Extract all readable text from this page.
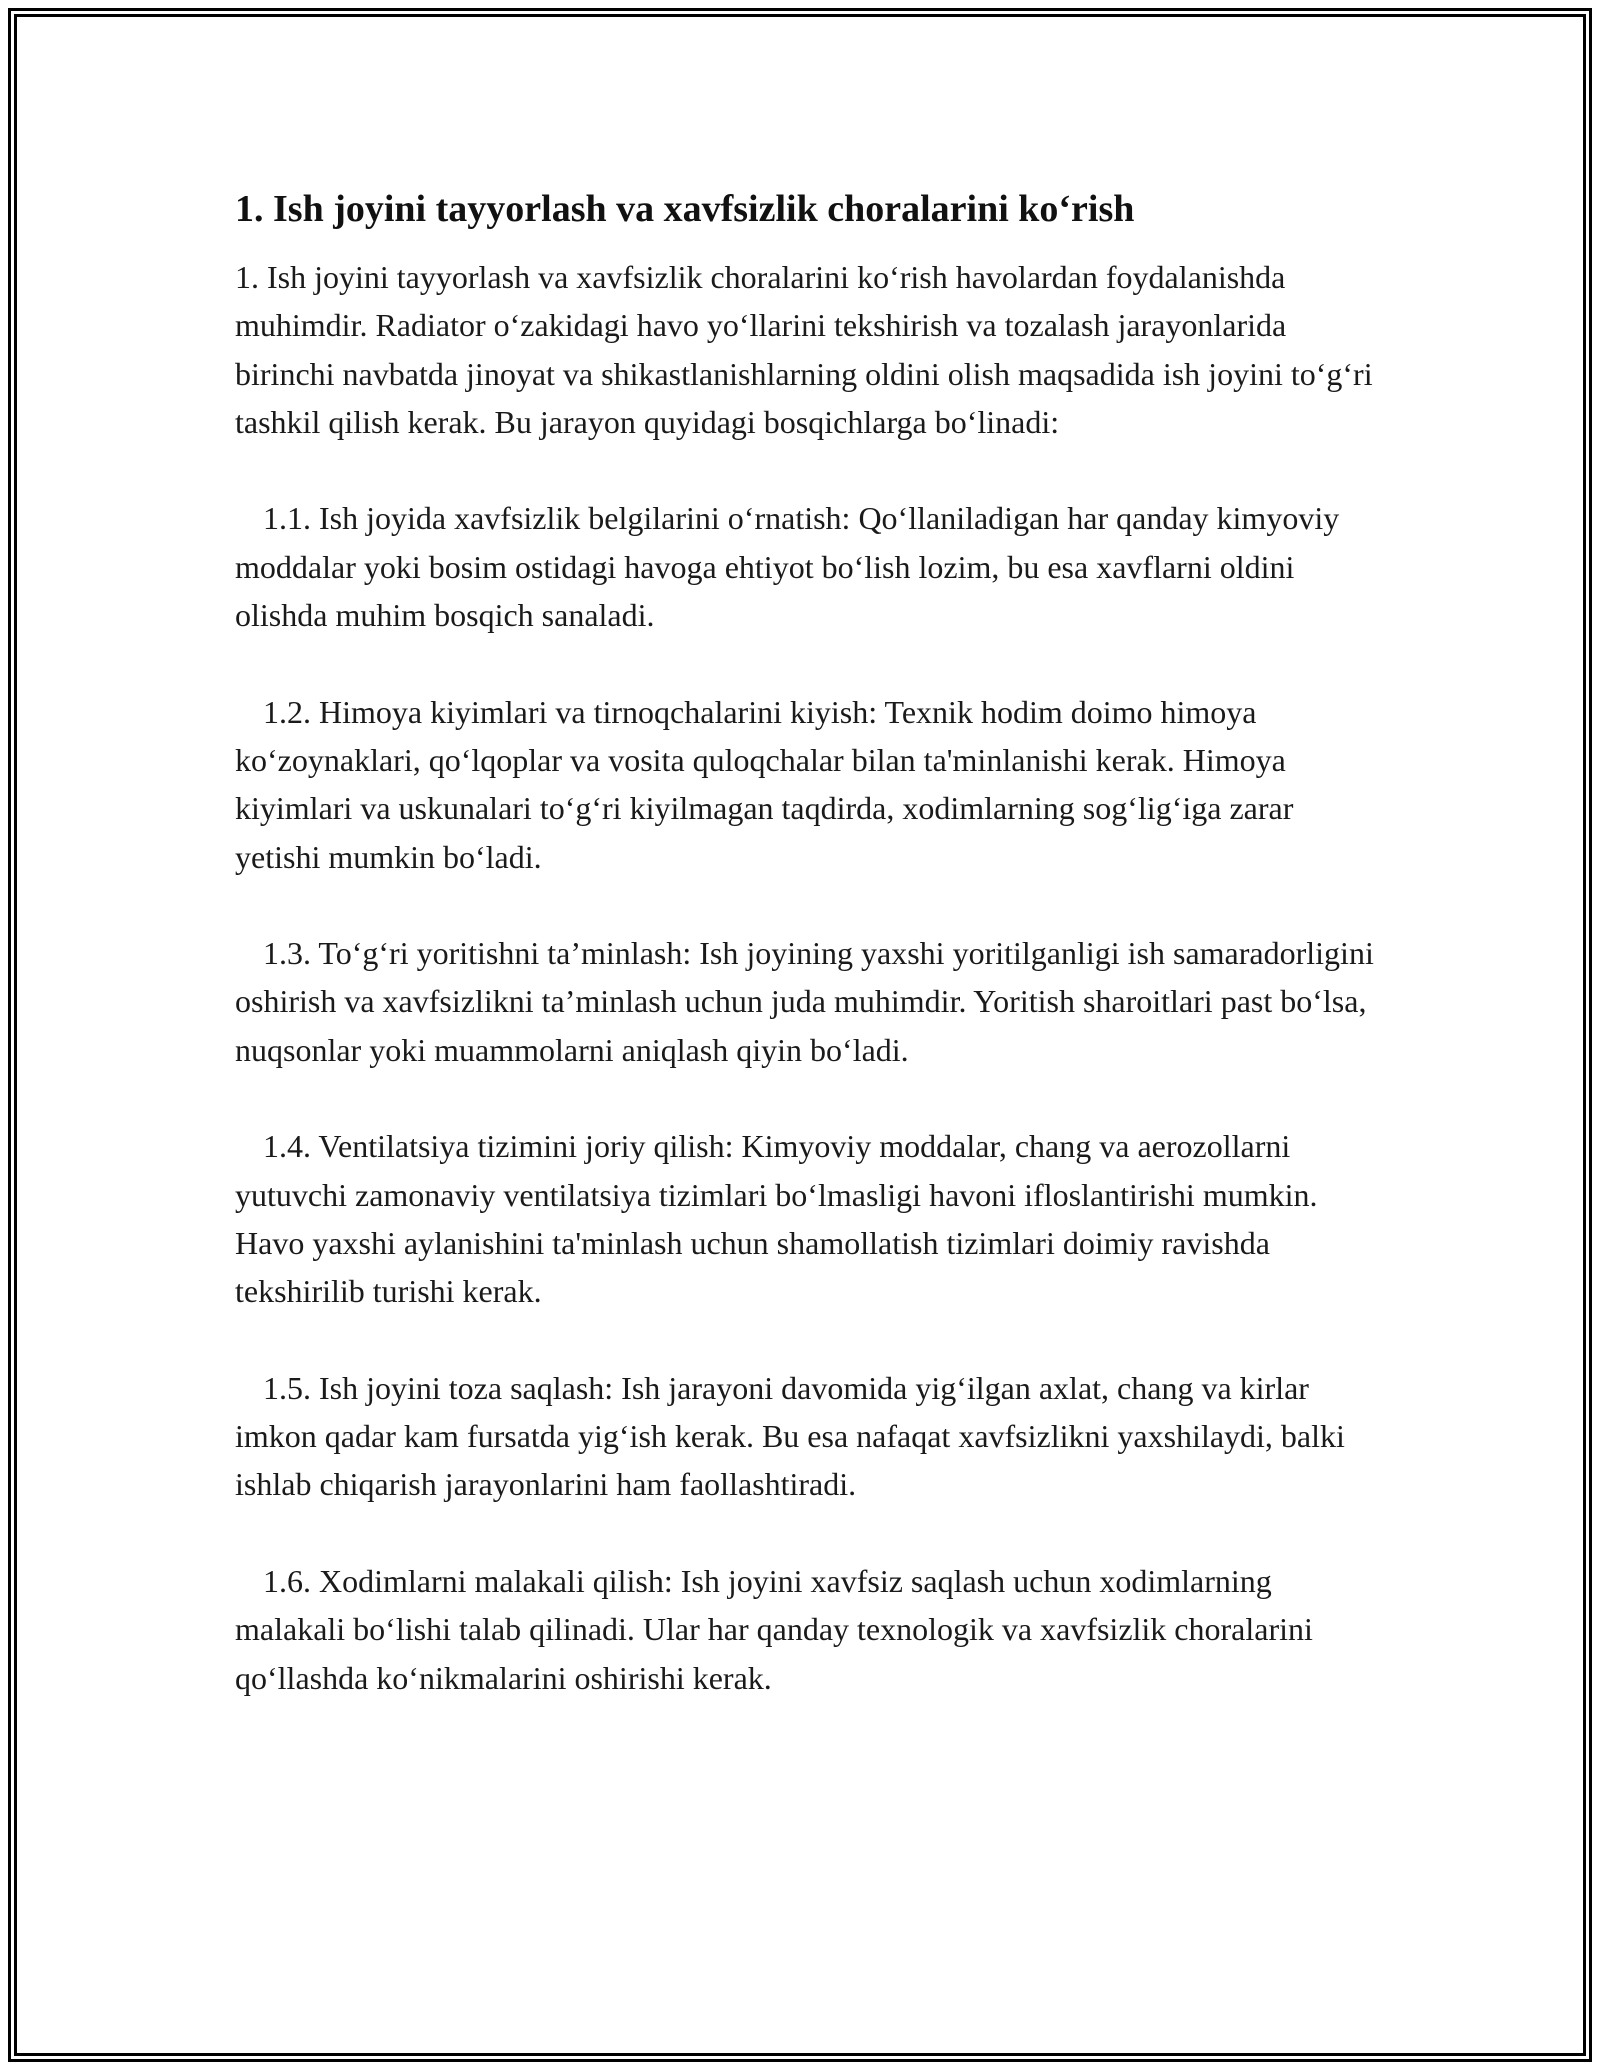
1. Ish joyini tayyorlash va xavfsizlik choralarini ko‘rish

1. Ish joyini tayyorlash va xavfsizlik choralarini ko‘rish havolardan foydalanishda muhimdir. Radiator o‘zakidagi havo yo‘llarini tekshirish va tozalash jarayonlarida birinchi navbatda jinoyat va shikastlanishlarning oldini olish maqsadida ish joyini to‘g‘ri tashkil qilish kerak. Bu jarayon quyidagi bosqichlarga bo‘linadi:

1.1. Ish joyida xavfsizlik belgilarini o‘rnatish: Qo‘llaniladigan har qanday kimyoviy moddalar yoki bosim ostidagi havoga ehtiyot bo‘lish lozim, bu esa xavflarni oldini olishda muhim bosqich sanaladi.

1.2. Himoya kiyimlari va tirnoqchalarini kiyish: Texnik hodim doimo himoya ko‘zoynaklari, qo‘lqoplar va vosita quloqchalar bilan ta'minlanishi kerak. Himoya kiyimlari va uskunalari to‘g‘ri kiyilmagan taqdirda, xodimlarning sog‘lig‘iga zarar yetishi mumkin bo‘ladi.

1.3. To‘g‘ri yoritishni ta’minlash: Ish joyining yaxshi yoritilganligi ish samaradorligini oshirish va xavfsizlikni ta’minlash uchun juda muhimdir. Yoritish sharoitlari past bo‘lsa, nuqsonlar yoki muammolarni aniqlash qiyin bo‘ladi.

1.4. Ventilatsiya tizimini joriy qilish: Kimyoviy moddalar, chang va aerozollarni yutuvchi zamonaviy ventilatsiya tizimlari bo‘lmasligi havoni ifloslantirishi mumkin. Havo yaxshi aylanishini ta'minlash uchun shamollatish tizimlari doimiy ravishda tekshirilib turishi kerak.

1.5. Ish joyini toza saqlash: Ish jarayoni davomida yig‘ilgan axlat, chang va kirlar imkon qadar kam fursatda yig‘ish kerak. Bu esa nafaqat xavfsizlikni yaxshilaydi, balki ishlab chiqarish jarayonlarini ham faollashtiradi.

1.6. Xodimlarni malakali qilish: Ish joyini xavfsiz saqlash uchun xodimlarning malakali bo‘lishi talab qilinadi. Ular har qanday texnologik va xavfsizlik choralarini qo‘llashda ko‘nikmalarini oshirishi kerak.
